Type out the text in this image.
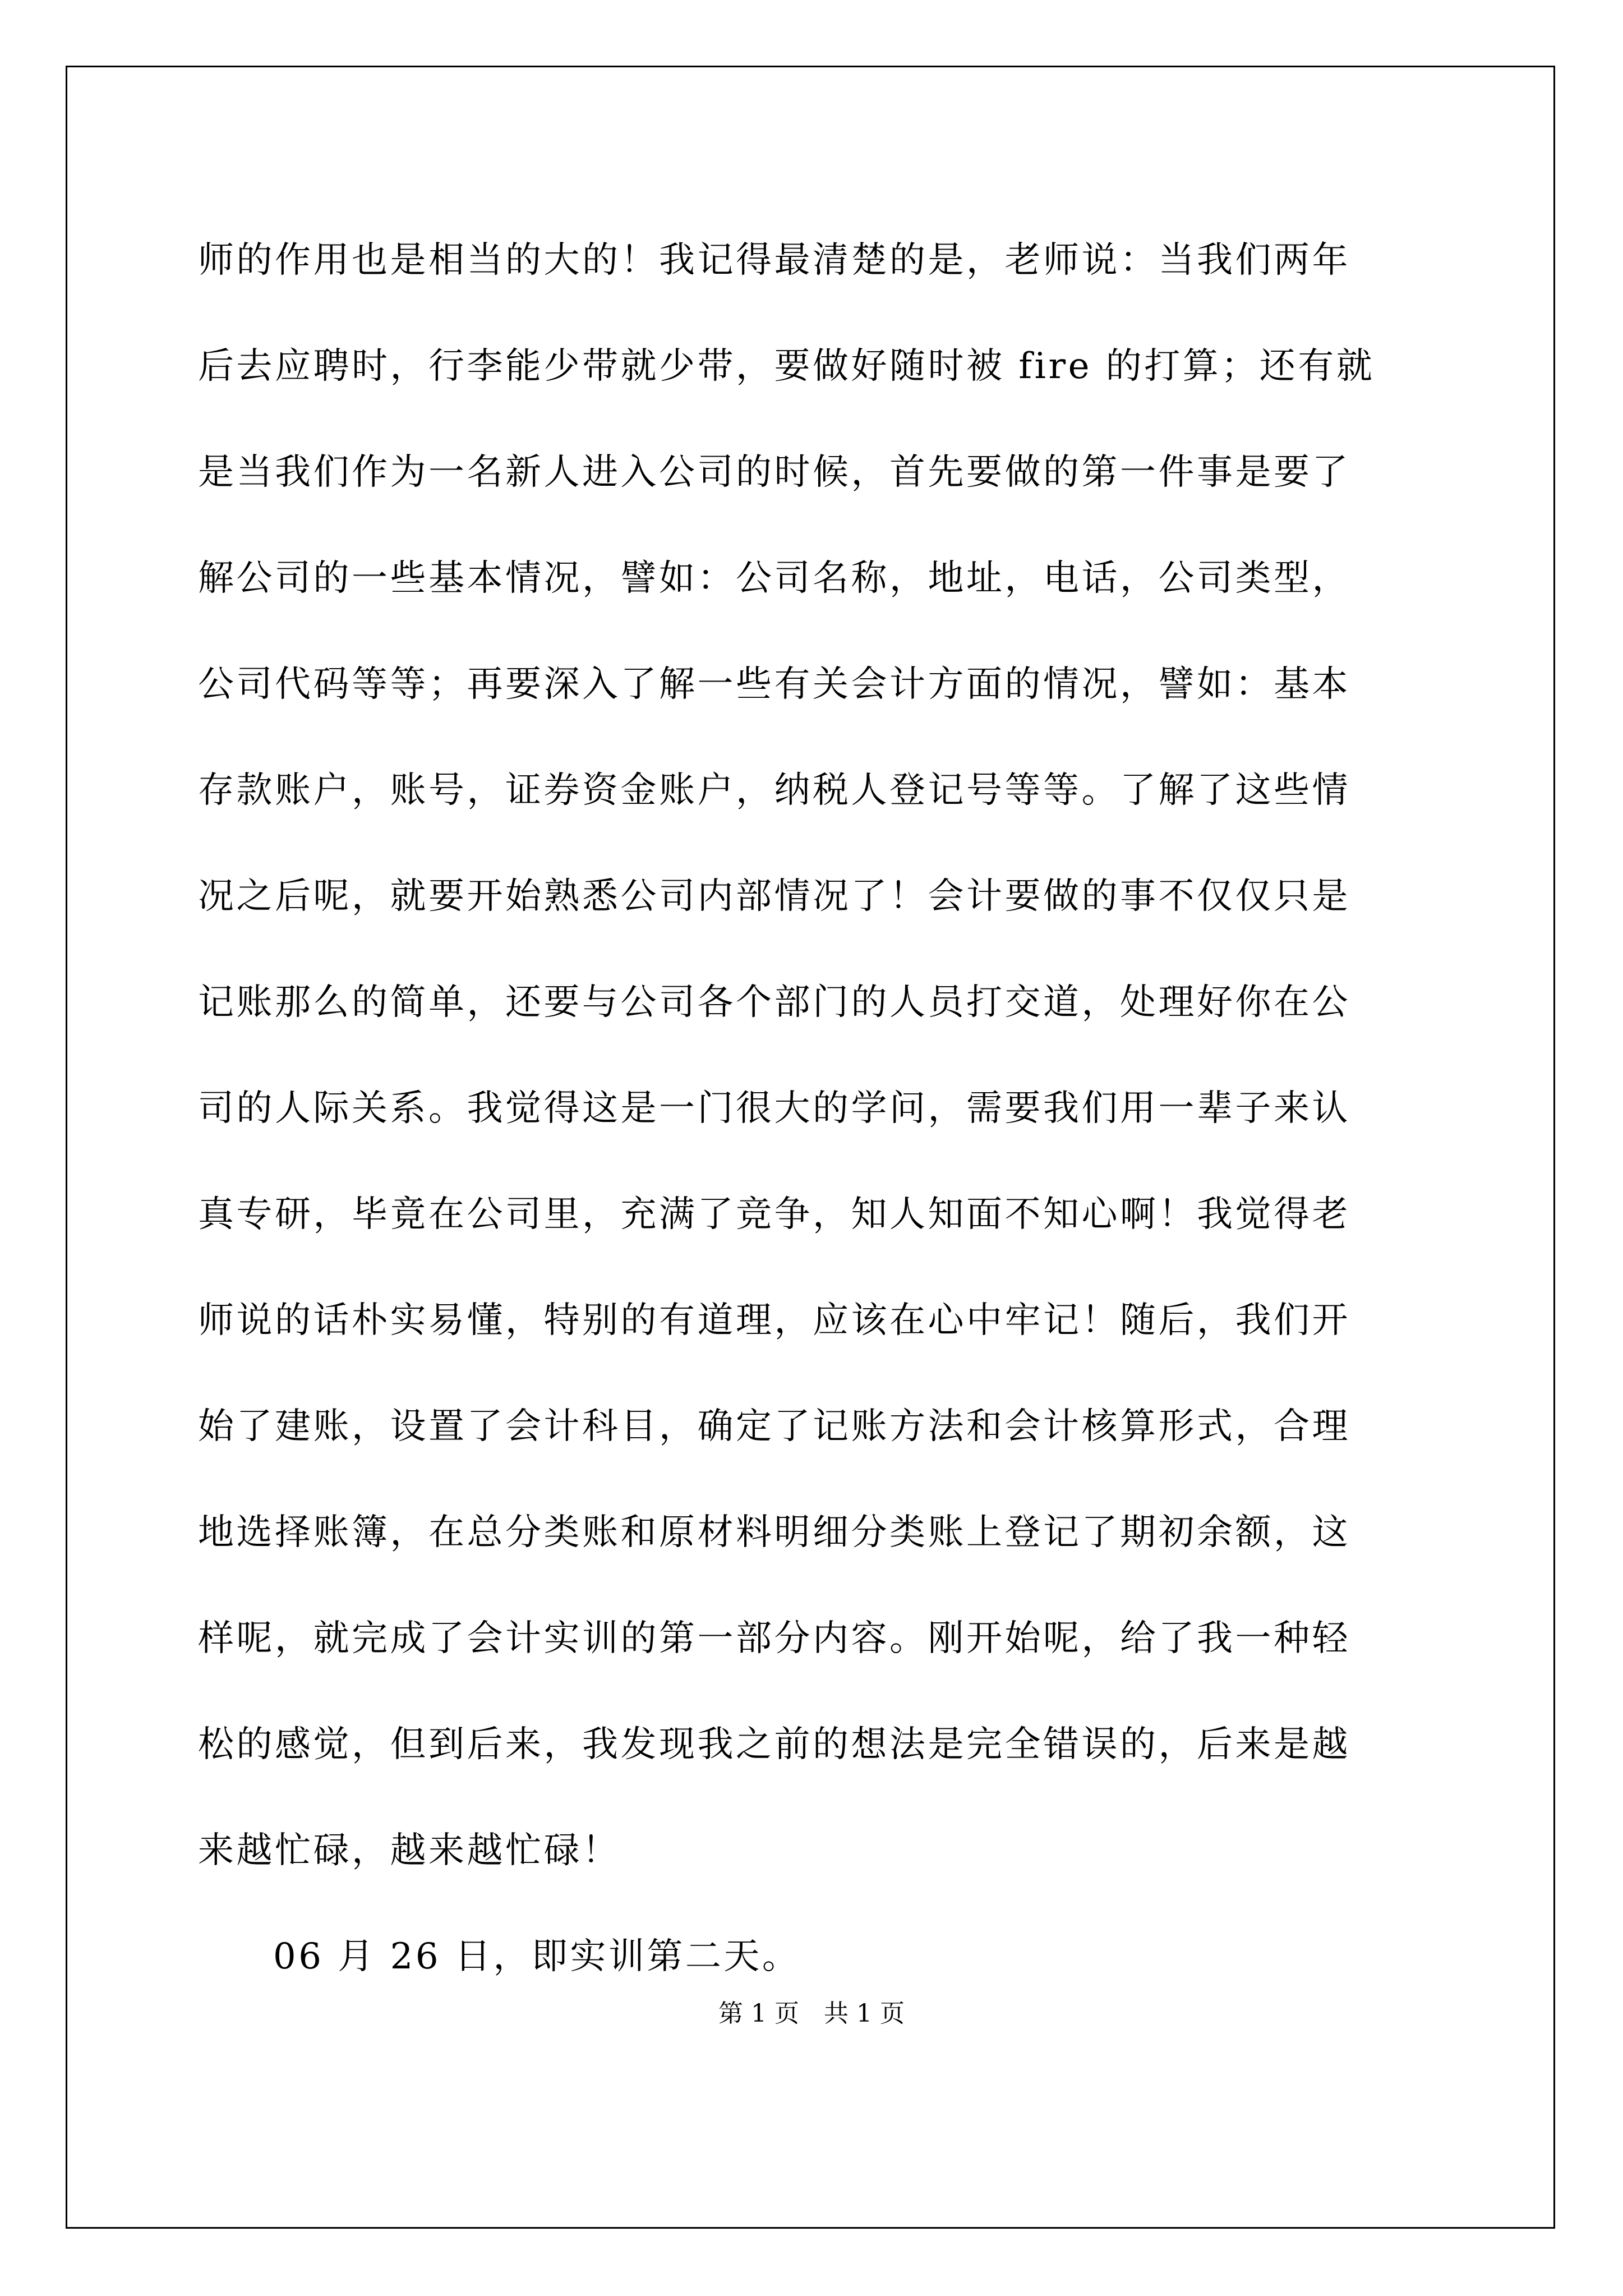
师的作用也是相当的大的！我记得最清楚的是，老师说：当我们两年
后去应聘时，行李能少带就少带，要做好随时被 fire 的打算；还有就
是当我们作为一名新人进入公司的时候，首先要做的第一件事是要了
解公司的一些基本情况，譬如：公司名称，地址，电话，公司类型，
公司代码等等；再要深入了解一些有关会计方面的情况，譬如：基本
存款账户，账号，证券资金账户，纳税人登记号等等。了解了这些情
况之后呢，就要开始熟悉公司内部情况了！会计要做的事不仅仅只是
记账那么的简单，还要与公司各个部门的人员打交道，处理好你在公
司的人际关系。我觉得这是一门很大的学问，需要我们用一辈子来认
真专研，毕竟在公司里，充满了竞争，知人知面不知心啊！我觉得老
师说的话朴实易懂，特别的有道理，应该在心中牢记！随后，我们开
始了建账，设置了会计科目，确定了记账方法和会计核算形式，合理
地选择账簿，在总分类账和原材料明细分类账上登记了期初余额，这
样呢，就完成了会计实训的第一部分内容。刚开始呢，给了我一种轻
松的感觉，但到后来，我发现我之前的想法是完全错误的，后来是越
来越忙碌，越来越忙碌！
06 月 26 日，即实训第二天。
第 1 页　共 1 页
